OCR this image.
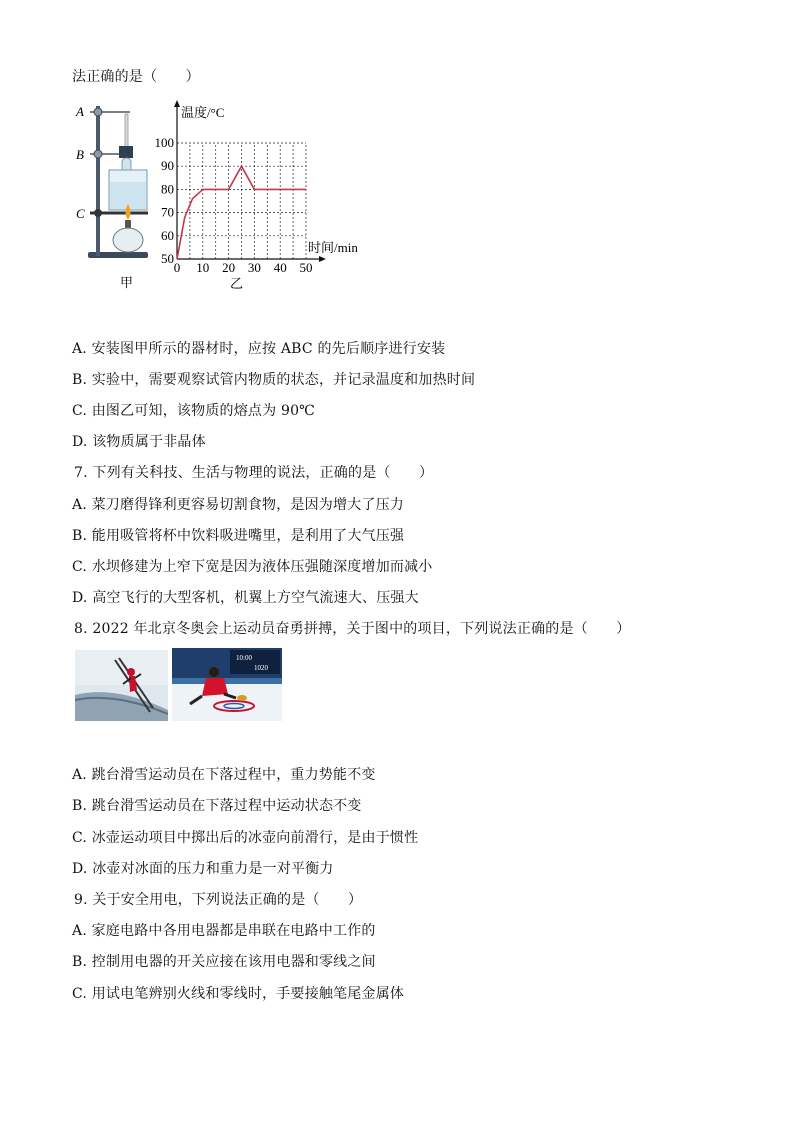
法正确的是（　　）
A
B
C
甲
0 10 20 30 40 50
50
60
70
80
90
100
温度/°C
时间/min
乙
A. 安装图甲所示的器材时，应按 ABC 的先后顺序进行安装
B. 实验中，需要观察试管内物质的状态，并记录温度和加热时间
C. 由图乙可知，该物质的熔点为 90℃
D. 该物质属于非晶体
7. 下列有关科技、生活与物理的说法，正确的是（　　）
A. 菜刀磨得锋利更容易切割食物，是因为增大了压力
B. 能用吸管将杯中饮料吸进嘴里，是利用了大气压强
C. 水坝修建为上窄下宽是因为液体压强随深度增加而减小
D. 高空飞行的大型客机，机翼上方空气流速大、压强大
8. 2022 年北京冬奥会上运动员奋勇拼搏，关于图中的项目，下列说法正确的是（　　）
10:00
1020
A. 跳台滑雪运动员在下落过程中，重力势能不变
B. 跳台滑雪运动员在下落过程中运动状态不变
C. 冰壶运动项目中掷出后的冰壶向前滑行，是由于惯性
D. 冰壶对冰面的压力和重力是一对平衡力
9. 关于安全用电，下列说法正确的是（　　）
A. 家庭电路中各用电器都是串联在电路中工作的
B. 控制用电器的开关应接在该用电器和零线之间
C. 用试电笔辨别火线和零线时，手要接触笔尾金属体
